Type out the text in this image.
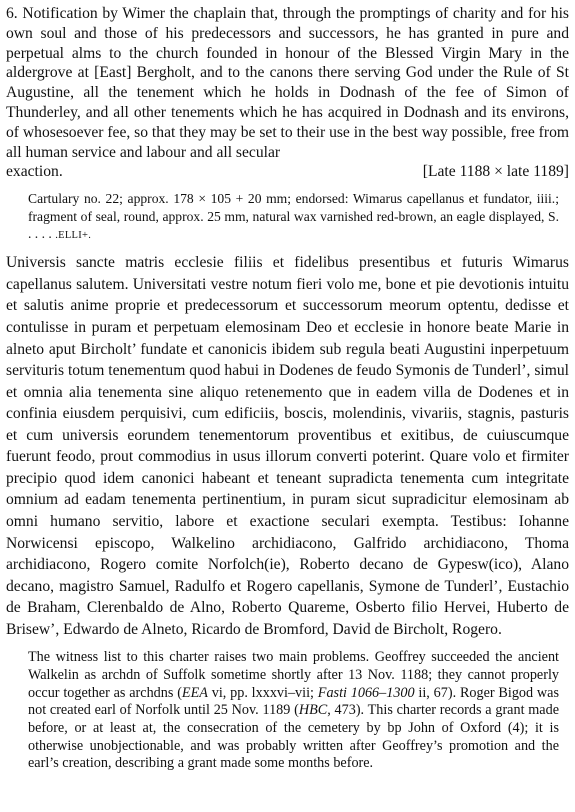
6. Notification by Wimer the chaplain that, through the promptings of charity and for his own soul and those of his predecessors and successors, he has granted in pure and perpetual alms to the church founded in honour of the Blessed Virgin Mary in the aldergrove at [East] Bergholt, and to the canons there serving God under the Rule of St Augustine, all the tenement which he holds in Dodnash of the fee of Simon of Thunderley, and all other tenements which he has acquired in Dodnash and its environs, of whosesoever fee, so that they may be set to their use in the best way possible, free from all human service and labour and all secular
exaction.	[Late 1188 × late 1189]

Cartulary no. 22; approx. 178 × 105 + 20 mm; endorsed: Wimarus capellanus et fundator, iiii.; fragment of seal, round, approx. 25 mm, natural wax varnished red-brown, an eagle displayed, S. . . . . .ELLI+.

Universis sancte matris ecclesie filiis et fidelibus presentibus et futuris Wimarus capellanus salutem. Universitati vestre notum fieri volo me, bone et pie devotionis intuitu et salutis anime proprie et predecessorum et successorum meorum optentu, dedisse et contulisse in puram et perpetuam elemosinam Deo et ecclesie in honore beate Marie in alneto aput Bircholt’ fundate et canonicis ibidem sub regula beati Augustini inperpetuum servituris totum tenementum quod habui in Dodenes de feudo Symonis de Tunderl’, simul et omnia alia tenementa sine aliquo retenemento que in eadem villa de Dodenes et in confinia eiusdem perquisivi, cum edificiis, boscis, molendinis, vivariis, stagnis, pasturis et cum universis eorundem tenementorum proventibus et exitibus, de cuiuscumque fuerunt feodo, prout commodius in usus illorum converti poterint. Quare volo et firmiter precipio quod idem canonici habeant et teneant supradicta tenementa cum integritate omnium ad eadam tenementa pertinentium, in puram sicut supradicitur elemosinam ab omni humano servitio, labore et exactione seculari exempta. Testibus: Iohanne Norwicensi episcopo, Walkelino archidiacono, Galfrido archidiacono, Thoma archidiacono, Rogero comite Norfolch(ie), Roberto decano de Gypesw(ico), Alano decano, magistro Samuel, Radulfo et Rogero capellanis, Symone de Tunderl’, Eustachio de Braham, Clerenbaldo de Alno, Roberto Quareme, Osberto filio Hervei, Huberto de Brisew’, Edwardo de Alneto, Ricardo de Bromford, David de Bircholt, Rogero.

The witness list to this charter raises two main problems. Geoffrey succeeded the ancient Walkelin as archdn of Suffolk sometime shortly after 13 Nov. 1188; they cannot properly occur together as archdns (EEA vi, pp. lxxxvi–vii; Fasti 1066–1300 ii, 67). Roger Bigod was not created earl of Norfolk until 25 Nov. 1189 (HBC, 473). This charter records a grant made before, or at least at, the consecration of the cemetery by bp John of Oxford (4); it is otherwise unobjectionable, and was probably written after Geoffrey’s promotion and the earl’s creation, describing a grant made some months before.
